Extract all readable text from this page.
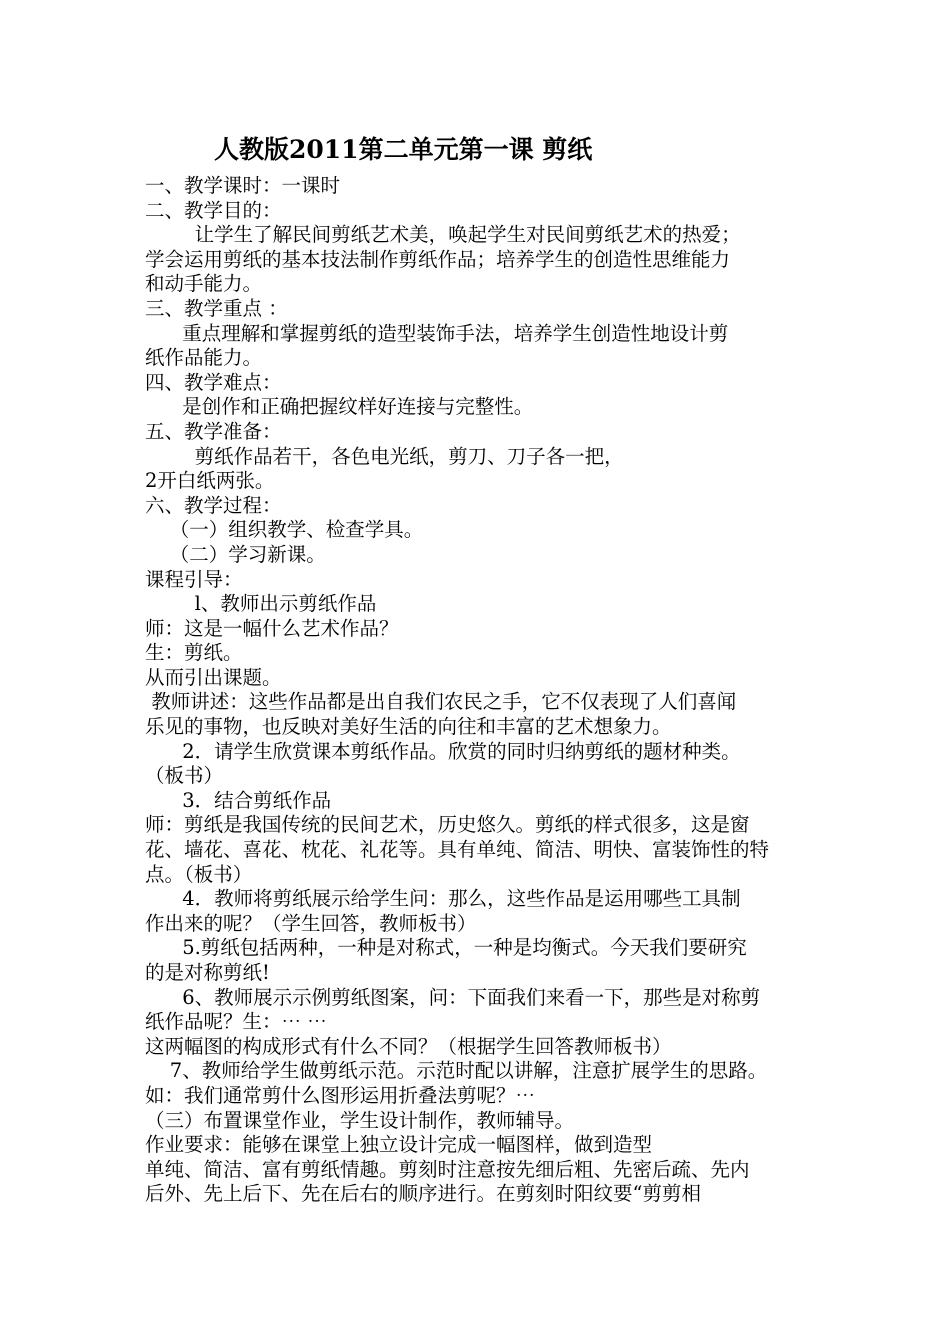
人教版2011第二单元第一课 剪纸
一、教学课时：一课时
二、教学目的：
让学生了解民间剪纸艺术美，唤起学生对民间剪纸艺术的热爱；
学会运用剪纸的基本技法制作剪纸作品；培养学生的创造性思维能力
和动手能力。
三、教学重点 ：
重点理解和掌握剪纸的造型装饰手法，培养学生创造性地设计剪
纸作品能力。
四、教学难点：
是创作和正确把握纹样好连接与完整性。
五、教学准备：
剪纸作品若干，各色电光纸，剪刀、刀子各一把，
2开白纸两张。
六、教学过程：
（一）组织教学、检查学具。
（二）学习新课。
课程引导：
l、教师出示剪纸作品
师：这是一幅什么艺术作品？
生：剪纸。
从而引出课题。
教师讲述：这些作品都是出自我们农民之手，它不仅表现了人们喜闻
乐见的事物，也反映对美好生活的向往和丰富的艺术想象力。
2．请学生欣赏课本剪纸作品。欣赏的同时归纳剪纸的题材种类。
（板书）
3．结合剪纸作品
师：剪纸是我国传统的民间艺术，历史悠久。剪纸的样式很多，这是窗
花、墙花、喜花、枕花、礼花等。具有单纯、简洁、明快、富装饰性的特
点。（板书）
4．教师将剪纸展示给学生问：那么，这些作品是运用哪些工具制
作出来的呢？（学生回答，教师板书）
5.剪纸包括两种，一种是对称式，一种是均衡式。今天我们要研究
的是对称剪纸!
6、教师展示示例剪纸图案，问：下面我们来看一下，那些是对称剪
纸作品呢？生：⋯ ⋯
这两幅图的构成形式有什么不同？（根据学生回答教师板书）
7、教师给学生做剪纸示范。示范时配以讲解，注意扩展学生的思路。
如：我们通常剪什么图形运用折叠法剪呢？⋯
（三）布置课堂作业，学生设计制作，教师辅导。
作业要求：能够在课堂上独立设计完成一幅图样，做到造型
单纯、简洁、富有剪纸情趣。剪刻时注意按先细后粗、先密后疏、先内
后外、先上后下、先在后右的顺序进行。在剪刻时阳纹要“剪剪相
